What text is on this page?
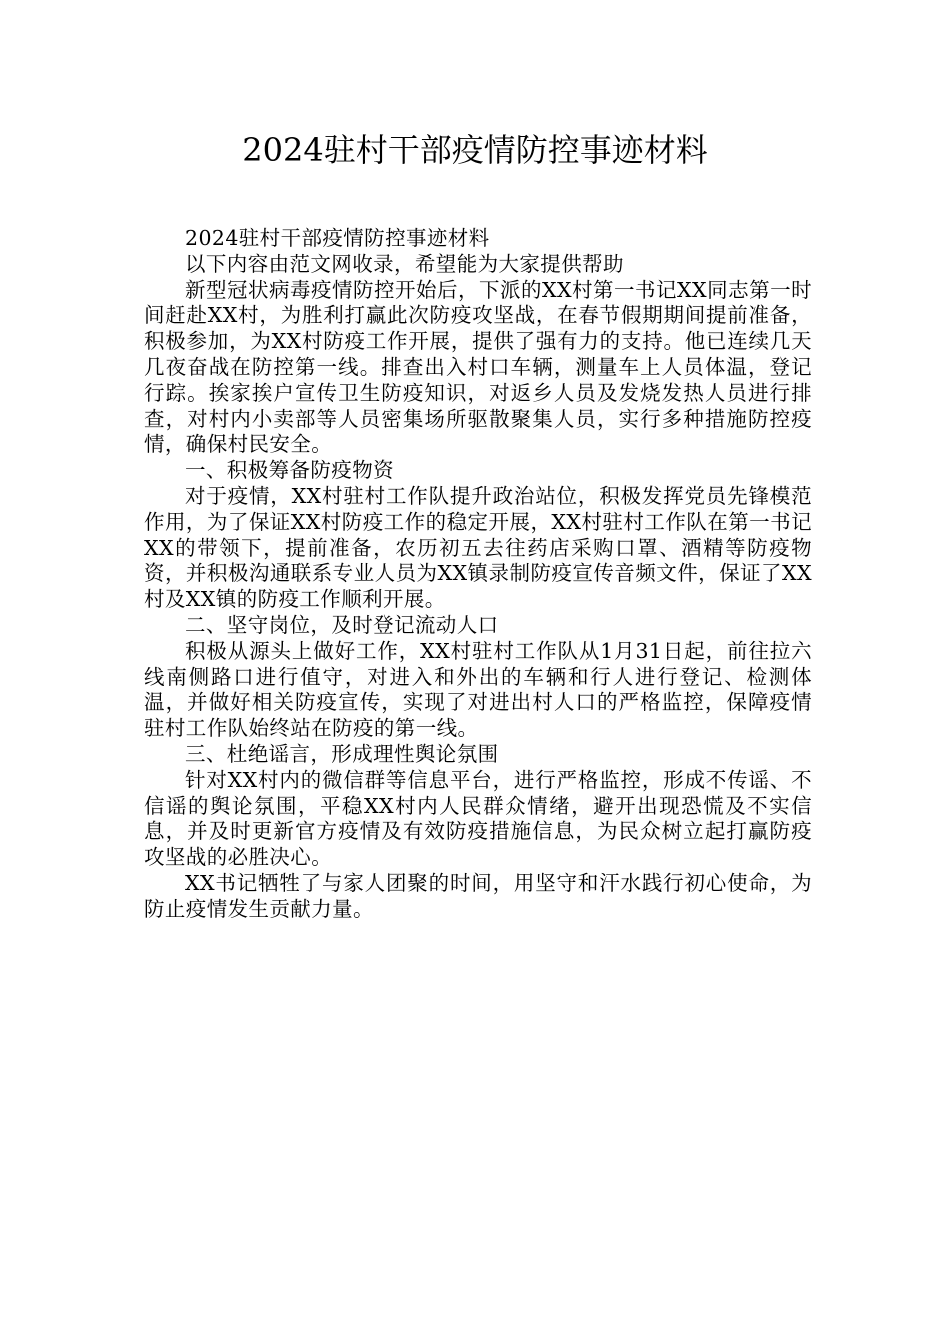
2024驻村干部疫情防控事迹材料

2024驻村干部疫情防控事迹材料

以下内容由范文网收录，希望能为大家提供帮助

新型冠状病毒疫情防控开始后，下派的XX村第一书记XX同志第一时间赶赴XX村，为胜利打赢此次防疫攻坚战，在春节假期期间提前准备，积极参加，为XX村防疫工作开展，提供了强有力的支持。他已连续几天几夜奋战在防控第一线。排查出入村口车辆，测量车上人员体温，登记行踪。挨家挨户宣传卫生防疫知识，对返乡人员及发烧发热人员进行排查，对村内小卖部等人员密集场所驱散聚集人员，实行多种措施防控疫情，确保村民安全。

一、积极筹备防疫物资

对于疫情，XX村驻村工作队提升政治站位，积极发挥党员先锋模范作用，为了保证XX村防疫工作的稳定开展，XX村驻村工作队在第一书记XX的带领下，提前准备，农历初五去往药店采购口罩、酒精等防疫物资，并积极沟通联系专业人员为XX镇录制防疫宣传音频文件，保证了XX村及XX镇的防疫工作顺利开展。

二、坚守岗位，及时登记流动人口

积极从源头上做好工作，XX村驻村工作队从1月31日起，前往拉六线南侧路口进行值守，对进入和外出的车辆和行人进行登记、检测体温，并做好相关防疫宣传，实现了对进出村人口的严格监控，保障疫情驻村工作队始终站在防疫的第一线。

三、杜绝谣言，形成理性舆论氛围

针对XX村内的微信群等信息平台，进行严格监控，形成不传谣、不信谣的舆论氛围，平稳XX村内人民群众情绪，避开出现恐慌及不实信息，并及时更新官方疫情及有效防疫措施信息，为民众树立起打赢防疫攻坚战的必胜决心。

XX书记牺牲了与家人团聚的时间，用坚守和汗水践行初心使命，为防止疫情发生贡献力量。
